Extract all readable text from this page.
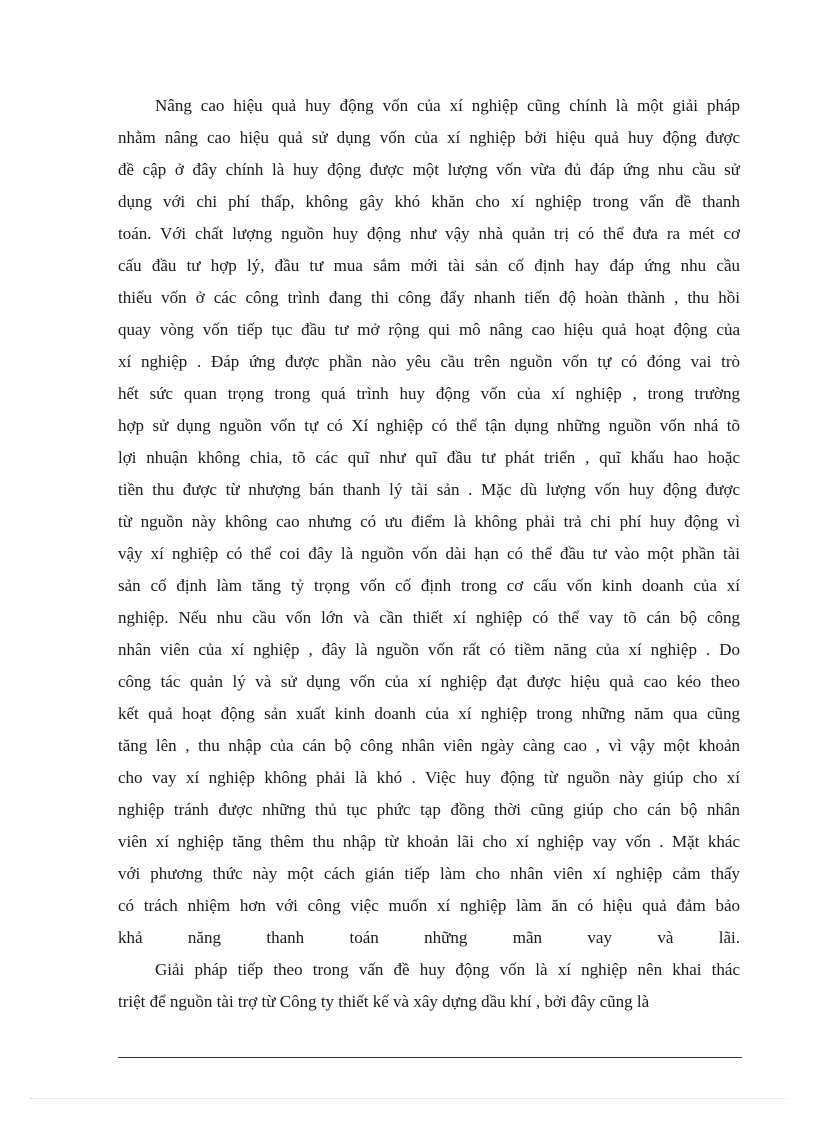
Nâng cao hiệu quả huy động vốn của xí nghiệp cũng chính là một giải pháp
nhằm nâng cao hiệu quả sử dụng vốn của xí nghiệp bởi hiệu quả huy động được
đề cập ở đây chính là huy động được một lượng vốn vừa đủ đáp ứng nhu cầu sử
dụng với chi phí thấp, không gây khó khăn cho xí nghiệp trong vấn đề thanh
toán. Với chất lượng nguồn huy động như vậy nhà quản trị có thể đưa ra mét cơ
cấu đầu tư hợp lý, đầu tư mua sắm mới tài sản cố định hay đáp ứng nhu cầu
thiếu vốn ở các công trình đang thi công đẩy nhanh tiến độ hoàn thành , thu hồi
quay vòng vốn tiếp tục đầu tư mở rộng qui mô nâng cao hiệu quả hoạt động của
xí nghiệp . Đáp ứng được phần nào yêu cầu trên nguồn vốn tự có đóng vai trò
hết sức quan trọng trong quá trình huy động vốn của xí nghiệp , trong trường
hợp sử dụng nguồn vốn tự có Xí nghiệp có thể tận dụng những nguồn vốn nhá tõ
lợi nhuận không chia, tõ các quĩ như quĩ đầu tư phát triển , quĩ khấu hao hoặc
tiền thu được từ nhượng bán thanh lý tài sản . Mặc dù lượng vốn huy động được
từ nguồn này không cao nhưng có ưu điểm là không phải trả chi phí huy động vì
vậy xí nghiệp có thể coi đây là nguồn vốn dài hạn có thể đầu tư vào một phần tài
sản cố định làm tăng tỷ trọng vốn cố định trong cơ cấu vốn kinh doanh của xí
nghiệp. Nếu nhu cầu vốn lớn và cần thiết xí nghiệp có thể vay tõ cán bộ công
nhân viên của xí nghiệp , đây là nguồn vốn rất có tiềm năng của xí nghiệp . Do
công tác quản lý và sử dụng vốn của xí nghiệp đạt được hiệu quả cao kéo theo
kết quả hoạt động sản xuất kinh doanh của xí nghiệp trong những năm qua cũng
tăng lên , thu nhập của cán bộ công nhân viên ngày càng cao , vì vậy một khoản
cho vay xí nghiệp không phải là khó . Việc huy động từ nguồn này giúp cho xí
nghiệp tránh được những thủ tục phức tạp đồng thời cũng giúp cho cán bộ nhân
viên xí nghiệp tăng thêm thu nhập từ khoản lãi cho xí nghiệp vay vốn . Mặt khác
với phương thức này một cách gián tiếp làm cho nhân viên xí nghiệp cảm thấy
có trách nhiệm hơn với công việc muốn xí nghiệp làm ăn có hiệu quả đảm bảo
khả năng thanh toán những mãn vay và lãi.
Giải pháp tiếp theo trong vấn đề huy động vốn là xí nghiệp nên khai thác
triệt để nguồn tài trợ từ Công ty thiết kế và xây dựng dầu khí , bởi đây cũng là
